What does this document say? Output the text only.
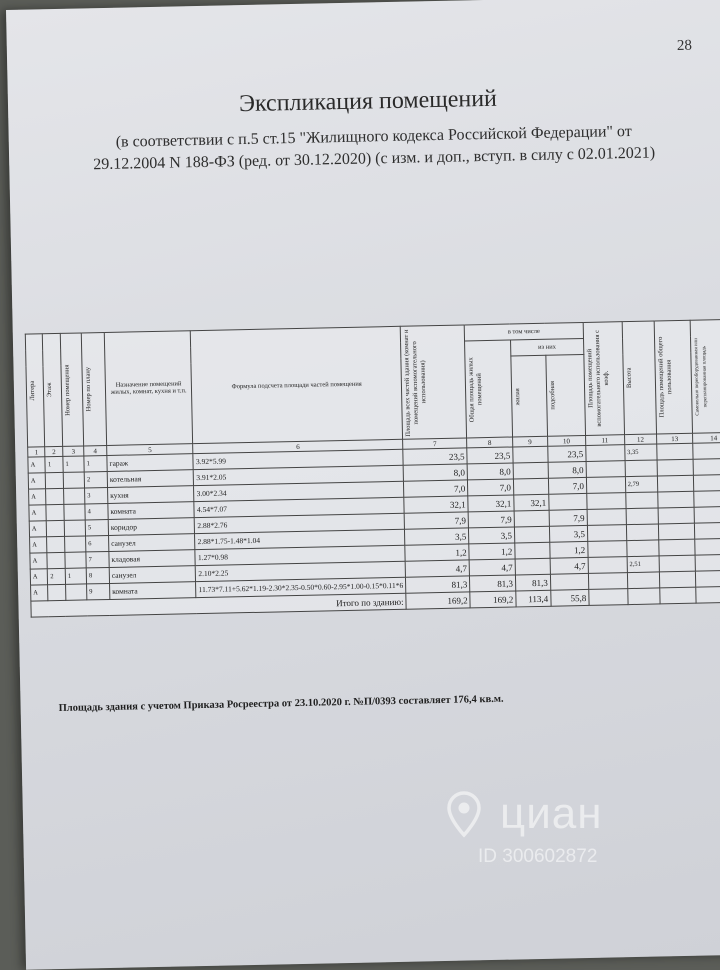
28
Экспликация помещений
(в соответствии с п.5 ст.15 "Жилищного кодекса Российской Федерации" от
29.12.2004 N 188-ФЗ (ред. от 30.12.2020) (с изм. и доп., вступ. в силу с 02.01.2021)
Литера	Этаж	Номер помещения	Номер по плану	Назначение помещений жилых, комнат, кухня и т.п.	Формула подсчета площади частей помещения	Площадь всех частей здания (комнат и помещений вспомогательного использования)	в том числе			Площадь помещений вспомогательного использования с коэф.	Высота	Площадь помещений общего пользования	Самовольно переоборудованная или перепланированная площадь

							Общая площадь жилых помещений	из них					

								жилая	подсобная				

1	2	3	4	5	6	7	8	9	10	11	12	13	14
А	1	1	1	гараж	3.92*5.99	23,5	23,5		23,5		3,35		
А			2	котельная	3.91*2.05	8,0	8,0		8,0				
А			3	кухня	3.00*2.34	7,0	7,0		7,0		2,79		
А			4	комната	4.54*7.07	32,1	32,1	32,1					
А			5	коридор	2.88*2.76	7,9	7,9		7,9				
А			6	санузел	2.88*1.75-1.48*1.04	3,5	3,5		3,5				
А			7	кладовая	1.27*0.98	1,2	1,2		1,2				
А	2	1	8	санузел	2.10*2.25	4,7	4,7		4,7		2,51		
А			9	комната	11.73*7.11+5.62*1.19-2.30*2.35-0.50*0.60-2.95*1.00-0.15*0.11*6	81,3	81,3	81,3					
Итого по зданию:						169,2	169,2	113,4	55,8				
Площадь здания с учетом Приказа Росреестра от 23.10.2020 г. №П/0393 составляет 176,4 кв.м.
циан
ID 300602872
